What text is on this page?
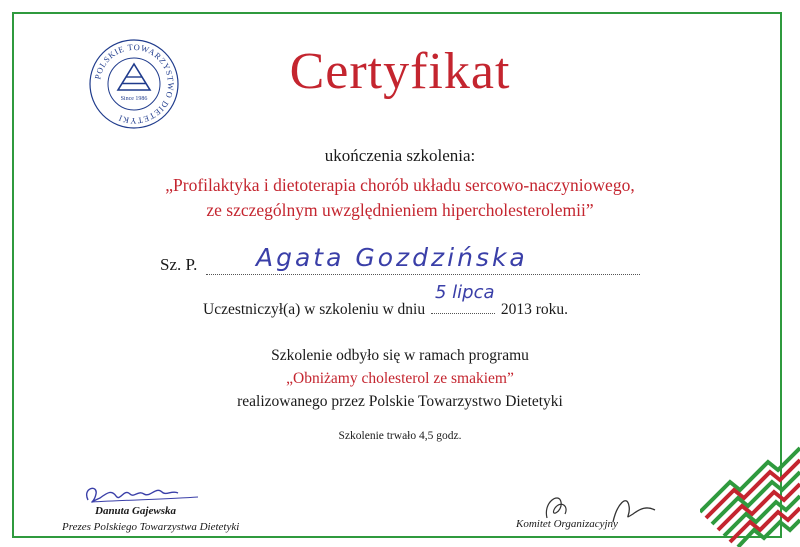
POLSKIE TOWARZYSTWO DIETETYKI
Since 1986	Certyfikat
ukończenia szkolenia:
„Profilaktyka i dietoterapia chorób układu sercowo-naczyniowego,
ze szczególnym uwzględnieniem hipercholesterolemii”
Sz. P. Agata Gozdzińska
Uczestniczył(a) w szkoleniu w dniu
5 lipca
2013 roku.
Szkolenie odbyło się w ramach programu
„Obniżamy cholesterol ze smakiem”
realizowanego przez Polskie Towarzystwo Dietetyki
Szkolenie trwało 4,5 godz.
Danuta Gajewska
Prezes Polskiego Towarzystwa Dietetyki	Komitet Organizacyjny
